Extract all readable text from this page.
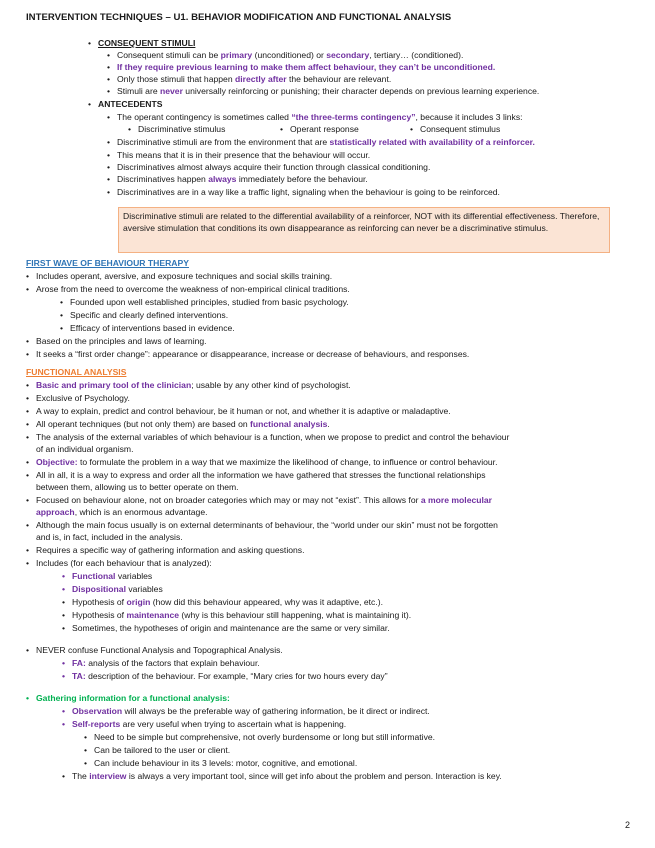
INTERVENTION TECHNIQUES – U1. BEHAVIOR MODIFICATION AND FUNCTIONAL ANALYSIS
• CONSEQUENT STIMULI
• Consequent stimuli can be primary (unconditioned) or secondary, tertiary… (conditioned).
• If they require previous learning to make them affect behaviour, they can’t be unconditioned.
• Only those stimuli that happen directly after the behaviour are relevant.
• Stimuli are never universally reinforcing or punishing; their character depends on previous learning experience.
• ANTECEDENTS
• The operant contingency is sometimes called “the three-terms contingency”, because it includes 3 links:
• Discriminative stimulus	• Operant response	• Consequent stimulus
• Discriminative stimuli are from the environment that are statistically related with availability of a reinforcer.
• This means that it is in their presence that the behaviour will occur.
• Discriminatives almost always acquire their function through classical conditioning.
• Discriminatives happen always immediately before the behaviour.
• Discriminatives are in a way like a traffic light, signaling when the behaviour is going to be reinforced.
Discriminative stimuli are related to the differential availability of a reinforcer, NOT with its differential effectiveness. Therefore, aversive stimulation that conditions its own disappearance as reinforcing can never be a discriminative stimulus.
FIRST WAVE OF BEHAVIOUR THERAPY
• Includes operant, aversive, and exposure techniques and social skills training.
• Arose from the need to overcome the weakness of non-empirical clinical traditions.
• Founded upon well established principles, studied from basic psychology.
• Specific and clearly defined interventions.
• Efficacy of interventions based in evidence.
• Based on the principles and laws of learning.
• It seeks a “first order change”: appearance or disappearance, increase or decrease of behaviours, and responses.
FUNCTIONAL ANALYSIS
• Basic and primary tool of the clinician; usable by any other kind of psychologist.
• Exclusive of Psychology.
• A way to explain, predict and control behaviour, be it human or not, and whether it is adaptive or maladaptive.
• All operant techniques (but not only them) are based on functional analysis.
• The analysis of the external variables of which behaviour is a function, when we propose to predict and control the behaviour
of an individual organism.
• Objective: to formulate the problem in a way that we maximize the likelihood of change, to influence or control behaviour.
• All in all, it is a way to express and order all the information we have gathered that stresses the functional relationships
between them, allowing us to better operate on them.
• Focused on behaviour alone, not on broader categories which may or may not “exist”. This allows for a more molecular
approach, which is an enormous advantage.
• Although the main focus usually is on external determinants of behaviour, the “world under our skin” must not be forgotten
and is, in fact, included in the analysis.
• Requires a specific way of gathering information and asking questions.
• Includes (for each behaviour that is analyzed):
• Functional variables
• Dispositional variables
• Hypothesis of origin (how did this behaviour appeared, why was it adaptive, etc.).
• Hypothesis of maintenance (why is this behaviour still happening, what is maintaining it).
• Sometimes, the hypotheses of origin and maintenance are the same or very similar.
• NEVER confuse Functional Analysis and Topographical Analysis.
• FA: analysis of the factors that explain behaviour.
• TA: description of the behaviour. For example, “Mary cries for two hours every day”
• Gathering information for a functional analysis:
• Observation will always be the preferable way of gathering information, be it direct or indirect.
• Self-reports are very useful when trying to ascertain what is happening.
• Need to be simple but comprehensive, not overly burdensome or long but still informative.
• Can be tailored to the user or client.
• Can include behaviour in its 3 levels: motor, cognitive, and emotional.
• The interview is always a very important tool, since will get info about the problem and person. Interaction is key.
2
